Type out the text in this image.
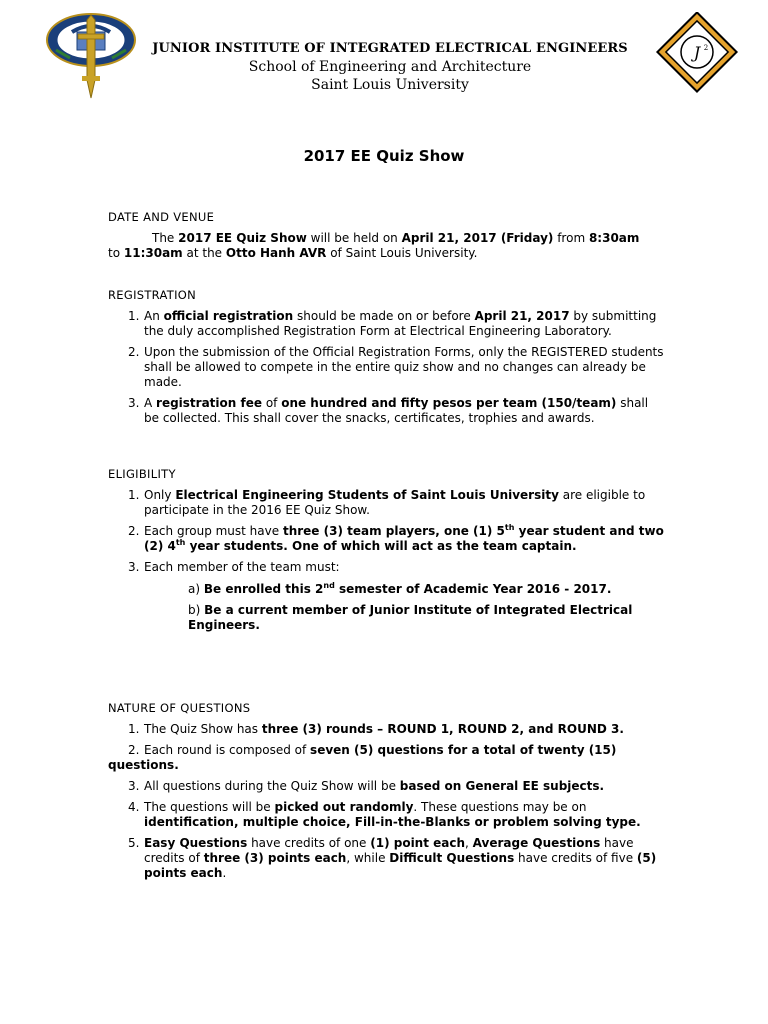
J 2
JUNIOR INSTITUTE OF INTEGRATED ELECTRICAL ENGINEERS
School of Engineering and Architecture
Saint Louis University
2017 EE Quiz Show
DATE AND VENUE
The 2017 EE Quiz Show will be held on April 21, 2017 (Friday) from 8:30am
to 11:30am at the Otto Hanh AVR of Saint Louis University.
REGISTRATION
1. An official registration should be made on or before April 21, 2017 by submitting the duly accomplished Registration Form at Electrical Engineering Laboratory.
2. Upon the submission of the Official Registration Forms, only the REGISTERED students shall be allowed to compete in the entire quiz show and no changes can already be made.
3. A registration fee of one hundred and fifty pesos per team (150/team) shall be collected. This shall cover the snacks, certificates, trophies and awards.
ELIGIBILITY
1. Only Electrical Engineering Students of Saint Louis University are eligible to participate in the 2016 EE Quiz Show.
2. Each group must have three (3) team players, one (1) 5th year student and two (2) 4th year students. One of which will act as the team captain.
3. Each member of the team must:
a) Be enrolled this 2nd semester of Academic Year 2016 - 2017.
b) Be a current member of Junior Institute of Integrated Electrical Engineers.
NATURE OF QUESTIONS
1. The Quiz Show has three (3) rounds – ROUND 1, ROUND 2, and ROUND 3.
2. Each round is composed of seven (5) questions for a total of twenty (15)
questions.
3. All questions during the Quiz Show will be based on General EE subjects.
4. The questions will be picked out randomly. These questions may be on identification, multiple choice, Fill-in-the-Blanks or problem solving type.
5. Easy Questions have credits of one (1) point each, Average Questions have credits of three (3) points each, while Difficult Questions have credits of five (5) points each.
